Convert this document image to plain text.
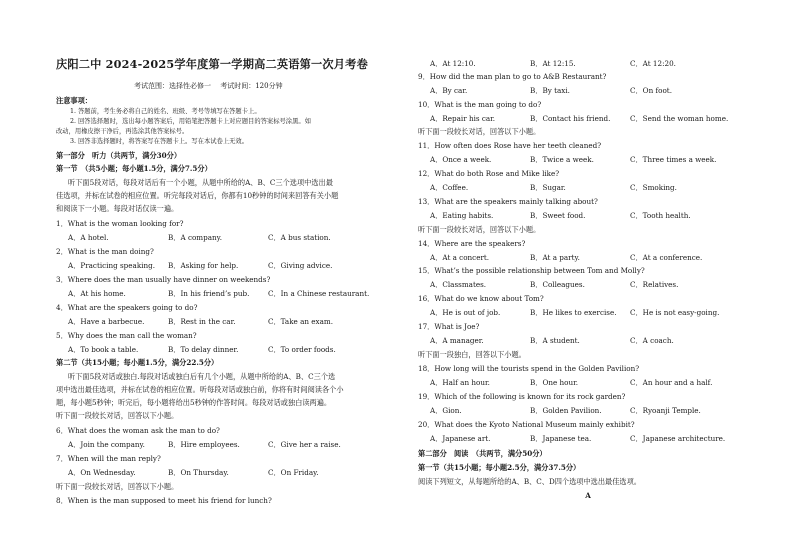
庆阳二中 2024-2025学年度第一学期高二英语第一次月考卷
考试范围：选择性必修一　 考试时间：120分钟
注意事项：
1. 答题前，考生务必将自己的姓名、班级、考号等填写在答题卡上。
2. 回答选择题时，选出每小题答案后，用铅笔把答题卡上对应题目的答案标号涂黑。如
改动，用橡皮擦干净后，再选涂其他答案标号。
3. 回答非选择题时，将答案写在答题卡上。写在本试卷上无效。
第一部分　听力（共两节，满分30分）
第一节　（共5小题；每小题1.5分，满分7.5分）
听下面5段对话，每段对话后有一个小题，从题中所给的A、B、C三个选项中选出最
佳选项，并标在试卷的相应位置。听完每段对话后，你都有10秒钟的时间来回答有关小题
和阅读下一小题。每段对话仅读一遍。
1．What is the woman looking for?
A．A hotel.	B．A company.	C．A bus station.
2．What is the man doing?
A．Practicing speaking. B．Asking for help.	C．Giving advice.
3．Where does the man usually have dinner on weekends?
A．At his home.	B．In his friend’s pub.	C．In a Chinese restaurant.
4．What are the speakers going to do?
A．Have a barbecue.	B．Rest in the car.	C．Take an exam.
5．Why does the man call the woman?
A．To book a table.	B．To delay dinner.	C．To order foods.
第二节（共15小题；每小题1.5分，满分22.5分）
听下面5段对话或独白.每段对话或独白后有几个小题，从题中所给的A、B、C三个选
项中选出最佳选项，并标在试卷的相应位置。听每段对话或独白前，你将有时间阅读各个小
题，每小题5秒钟；听完后，每小题将给出5秒钟的作答时间。每段对话或独白读两遍。
听下面一段较长对话，回答以下小题。
6．What does the woman ask the man to do?
A．Join the company.	B．Hire employees.	C．Give her a raise.
7．When will the man reply?
A．On Wednesday.	B．On Thursday.	C．On Friday.
听下面一段较长对话，回答以下小题。
8．When is the man supposed to meet his friend for lunch?
A．At 12:10.	B．At 12:15.	C．At 12:20.
9．How did the man plan to go to A&B Restaurant?
A．By car.	B．By taxi.	C．On foot.
10．What is the man going to do?
A．Repair his car.	B．Contact his friend.	C．Send the woman home.
听下面一段较长对话，回答以下小题。
11．How often does Rose have her teeth cleaned?
A．Once a week.	B．Twice a week.	C．Three times a week.
12．What do both Rose and Mike like?
A．Coffee.	B．Sugar.	C．Smoking.
13．What are the speakers mainly talking about?
A．Eating habits.	B．Sweet food.	C．Tooth health.
听下面一段较长对话，回答以下小题。
14．Where are the speakers?
A．At a concert.	B．At a party.	C．At a conference.
15．What’s the possible relationship between Tom and Molly?
A．Classmates.	B．Colleagues.	C．Relatives.
16．What do we know about Tom?
A．He is out of job.	B．He likes to exercise. C．He is not easy-going.
17．What is Joe?
A．A manager.	B．A student.	C．A coach.
听下面一段独白，回答以下小题。
18．How long will the tourists spend in the Golden Pavilion?
A．Half an hour.	B．One hour.	C．An hour and a half.
19．Which of the following is known for its rock garden?
A．Gion.	B．Golden Pavilion.	C．Ryoanji Temple.
20．What does the Kyoto National Museum mainly exhibit?
A．Japanese art.	B．Japanese tea.	C．Japanese architecture.
第二部分　阅读　（共两节，满分50分）
第一节（共15小题；每小题2.5分，满分37.5分）
阅读下列短文，从每题所给的A、B、C、D四个选项中选出最佳选项。
A
